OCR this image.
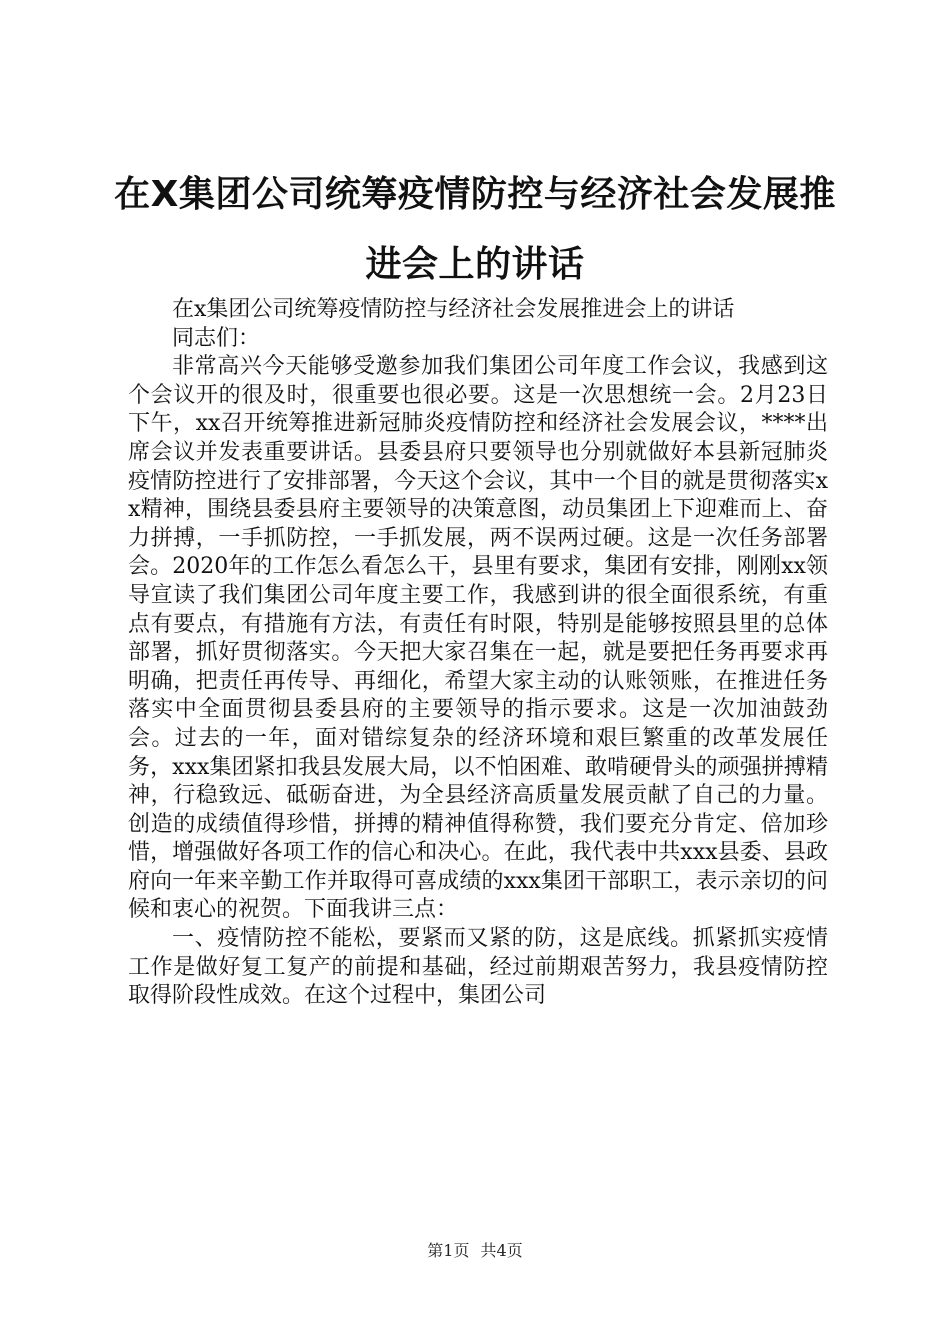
在X集团公司统筹疫情防控与经济社会发展推
进会上的讲话

在x集团公司统筹疫情防控与经济社会发展推进会上的讲话

同志们：

非常高兴今天能够受邀参加我们集团公司年度工作会议，我感到这个会议开的很及时，很重要也很必要。这是一次思想统一会。2月23日下午，xx召开统筹推进新冠肺炎疫情防控和经济社会发展会议，****出席会议并发表重要讲话。县委县府只要领导也分别就做好本县新冠肺炎疫情防控进行了安排部署，今天这个会议，其中一个目的就是贯彻落实xx精神，围绕县委县府主要领导的决策意图，动员集团上下迎难而上、奋力拼搏，一手抓防控，一手抓发展，两不误两过硬。这是一次任务部署会。2020年的工作怎么看怎么干，县里有要求，集团有安排，刚刚xx领导宣读了我们集团公司年度主要工作，我感到讲的很全面很系统，有重点有要点，有措施有方法，有责任有时限，特别是能够按照县里的总体部署，抓好贯彻落实。今天把大家召集在一起，就是要把任务再要求再明确，把责任再传导、再细化，希望大家主动的认账领账，在推进任务落实中全面贯彻县委县府的主要领导的指示要求。这是一次加油鼓劲会。过去的一年，面对错综复杂的经济环境和艰巨繁重的改革发展任务，xxx集团紧扣我县发展大局，以不怕困难、敢啃硬骨头的顽强拼搏精神，行稳致远、砥砺奋进，为全县经济高质量发展贡献了自己的力量。创造的成绩值得珍惜，拼搏的精神值得称赞，我们要充分肯定、倍加珍惜，增强做好各项工作的信心和决心。在此，我代表中共xxx县委、县政府向一年来辛勤工作并取得可喜成绩的xxx集团干部职工，表示亲切的问候和衷心的祝贺。下面我讲三点：

一、疫情防控不能松，要紧而又紧的防，这是底线。抓紧抓实疫情工作是做好复工复产的前提和基础，经过前期艰苦努力，我县疫情防控取得阶段性成效。在这个过程中，集团公司

第1页 共4页
